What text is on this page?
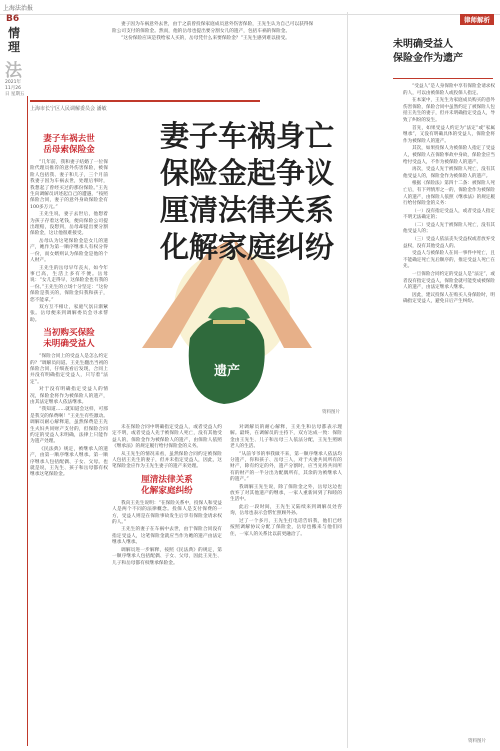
上海法治报
B6
情理
法
2021年11月26日 星期五

妻子因为车祸意外去世，由于之前曾投保家庭成员意外伤害保险，王先生认为自己可以获得保险公司支付的保险金。然而，他的岳母也提出要分割女儿的遗产，包括车祸的保险金。

“这份保险应该是我给家人买的，岳母凭什么来要保险金？”王先生感到难以接受。

上海市长宁区人民调解委员会 潘敏
遗产
妻子车祸身亡
保险金起争议
厘清法律关系
化解家庭纠纷
资料图片
妻子车祸去世
岳母索保险金

“几年前，我和妻子结婚了一位保险代理员推荐的意外伤害保险，被保险人包括我、妻子和儿子，三个月前我妻子因为车祸去世，处理后事时，我想起了曾经买过的那份保险。”王先生向调解员讲述起自己的遭遇，“按照保险合同，妻子的意外身故保险金有100多万元。”

王先生说，妻子去世后，他想着为孩子存着这笔钱，便向保险公司提出理赔，没想到，岳母却提出要分割保险金，这让他很难接受。

岳母认为这笔保险金是女儿的遗产，她作为第一顺序继承人有权分得一份，而女婿则认为保险金是他的个人财产。

王先生的岳母早年丧夫，如今年事已高，生活上多有不便。岳母说：“女儿走得早，这保险金也有我的一份。”王先生的立场十分坚定：“这份保险是我买的，保险金归我和孩子，您不能拿。”

双方互不相让，家庭气氛日渐紧张。岳母便来到调解委员会寻求帮助。

当初购买保险
未明确受益人

“保险合同上的受益人是怎么约定的？”调解员问道。王先生翻出当初的保险合同，仔细查看后发现，合同上并没有明确指定受益人，只写着“法定”。

对于没有明确指定受益人的情况，保险金将作为被保险人的遗产，由其法定继承人依法继承。

“我知道……就知道会这样，可那是我交的保费啊！”王先生有些激动。调解员耐心解释道，虽然保费是王先生夫妇共同财产支付的，但保险合同约定的受益人未明确，法律上只能作为遗产处理。

《民法典》规定，被继承人的遗产，由第一顺序继承人继承。第一顺序继承人包括配偶、子女、父母。也就是说，王先生、孩子和岳母都有权继承这笔保险金。

未在保险合同中明确指定受益人，或者受益人约定不明，或者受益人先于被保险人死亡，没有其他受益人的，保险金作为被保险人的遗产，由保险人依照《继承法》的规定履行给付保险金的义务。

从王先生的情况来看，虽然保险合同约定被保险人包括王先生的妻子，但并未指定受益人，因此，这笔保险金应作为王先生妻子的遗产来处理。

厘清法律关系
化解家庭纠纷

我向王先生说明：“在保险关系中，投保人和受益人是两个不同的法律概念。投保人是支付保费的一方，受益人则是在保险事故发生后享有保险金请求权的人。”

王先生的妻子在车祸中去世，由于保险合同没有指定受益人，这笔保险金就应当作为她的遗产由法定继承人继承。

调解员进一步解释，按照《民法典》的规定，第一顺序继承人包括配偶、子女、父母，因此王先生、儿子和岳母都有权继承保险金。

对调解员的耐心解释，王先生和岳母都表示理解。最终，在调解员的主持下，双方达成一致：保险金由王先生、儿子和岳母三人依法分配，王先生照顾老人的生活。

“从前爷爷的事我做不来，第一顺序继承人依法均分遗产，你和孩子、岳母三人，对于夫妻共同所有的财产，除有约定的外，遗产分割时，应当先将共同所有的财产的一半分出为配偶所有，其余的为被继承人的遗产。”

我调解王先生说，除了保险金之外，岳母这边也放弃了对其他遗产的继承，一家人重新回到了和睦的生活中。

此后一段时间，王先生又陆续来到调解员处咨询，岳母也表示会帮忙照顾外孙。

过了一个多月，王先生打电话告诉我，他们已经按照调解协议分配了保险金，岳母也搬来与他们同住，一家人的关系比以前更融洽了。

律师解析
未明确受益人
保险金作为遗产

“受益人”是人身保险中享有保险金请求权的人，可以由被保险人或投保人指定。

在本案中，王先生为家庭成员购买的意外伤害保险，保险合同中虽然约定了被保险人包括王先生的妻子，但并未明确指定受益人，导致了纠纷的发生。

首先，如果受益人约定为“法定”或“家属继承”，又没有明确具体的受益人，保险金将作为被保险人的遗产。

其次，如果投保人为被保险人指定了受益人，被保险人在保险事故中身故，保险金应当给付受益人，不作为被保险人的遗产。

再次，受益人先于被保险人死亡，没有其他受益人的，保险金作为被保险人的遗产。

根据《保险法》第四十二条：被保险人死亡后，有下列情形之一的，保险金作为被保险人的遗产，由保险人依照《继承法》的规定履行给付保险金的义务：

（一）没有指定受益人，或者受益人指定不明无法确定的；

（二）受益人先于被保险人死亡，没有其他受益人的；

（三）受益人依法丧失受益权或者放弃受益权，没有其他受益人的。

受益人与被保险人在同一事件中死亡，且不能确定死亡先后顺序的，推定受益人死亡在先。

一旦保险合同约定的受益人是“法定”，或者没有指定受益人，保险金就可能变成被保险人的遗产，由法定继承人继承。

因此，建议投保人在购买人身保险时，明确指定受益人，避免日后产生纠纷。

资料图片
